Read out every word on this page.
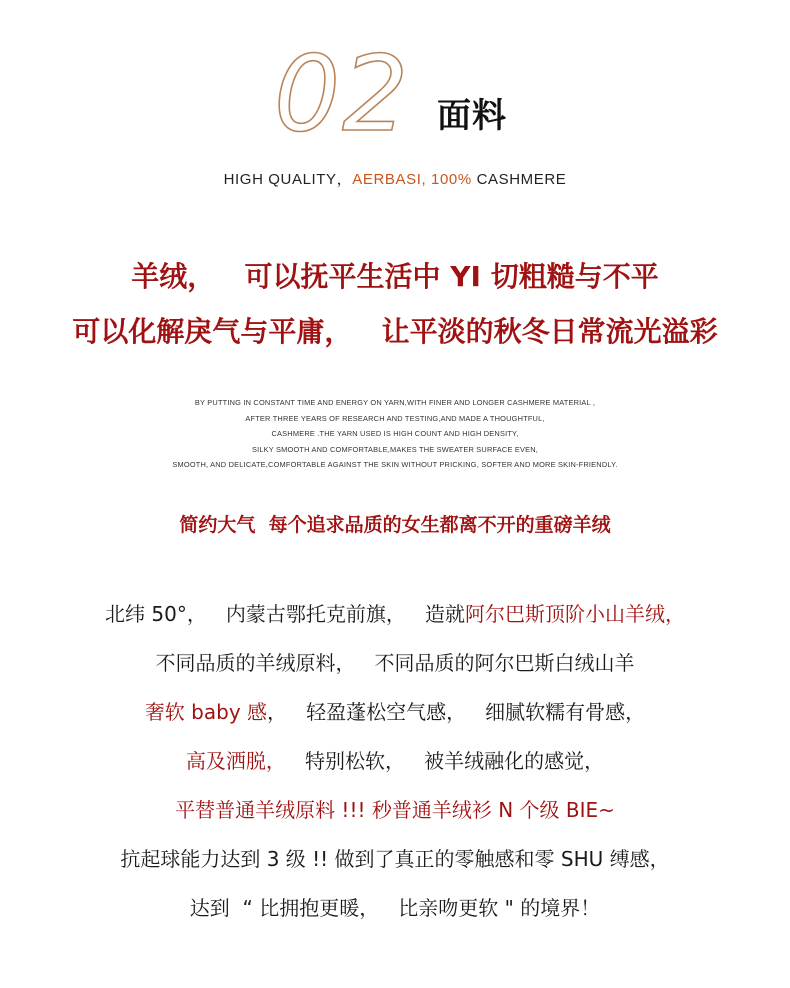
02 面料
HIGH QUALITY，AERBASI, 100% CASHMERE
羊绒，   可以抚平生活中 YI 切粗糙与不平
可以化解戾气与平庸，   让平淡的秋冬日常流光溢彩
BY PUTTING IN CONSTANT TIME AND ENERGY ON YARN,WITH FINER AND LONGER CASHMERE MATERIAL ,
AFTER THREE YEARS OF RESEARCH AND TESTING,AND MADE A THOUGHTFUL,
CASHMERE .THE YARN USED IS HIGH COUNT AND HIGH DENSITY,
SILKY SMOOTH AND COMFORTABLE,MAKES THE SWEATER SURFACE EVEN,
SMOOTH, AND DELICATE,COMFORTABLE AGAINST THE SKIN WITHOUT PRICKING, SOFTER AND MORE SKIN-FRIENDLY.
简约大气  每个追求品质的女生都离不开的重磅羊绒
北纬 50°，   内蒙古鄂托克前旗，   造就阿尔巴斯顶阶小山羊绒，
不同品质的羊绒原料，   不同品质的阿尔巴斯白绒山羊
奢软 baby 感，   轻盈蓬松空气感，   细腻软糯有骨感，
高及洒脱，   特别松软，   被羊绒融化的感觉，
平替普通羊绒原料 !!! 秒普通羊绒衫 N 个级 BIE~
抗起球能力达到 3 级 !! 做到了真正的零触感和零 SHU 缚感，
达到  “ 比拥抱更暖，   比亲吻更软 " 的境界！
